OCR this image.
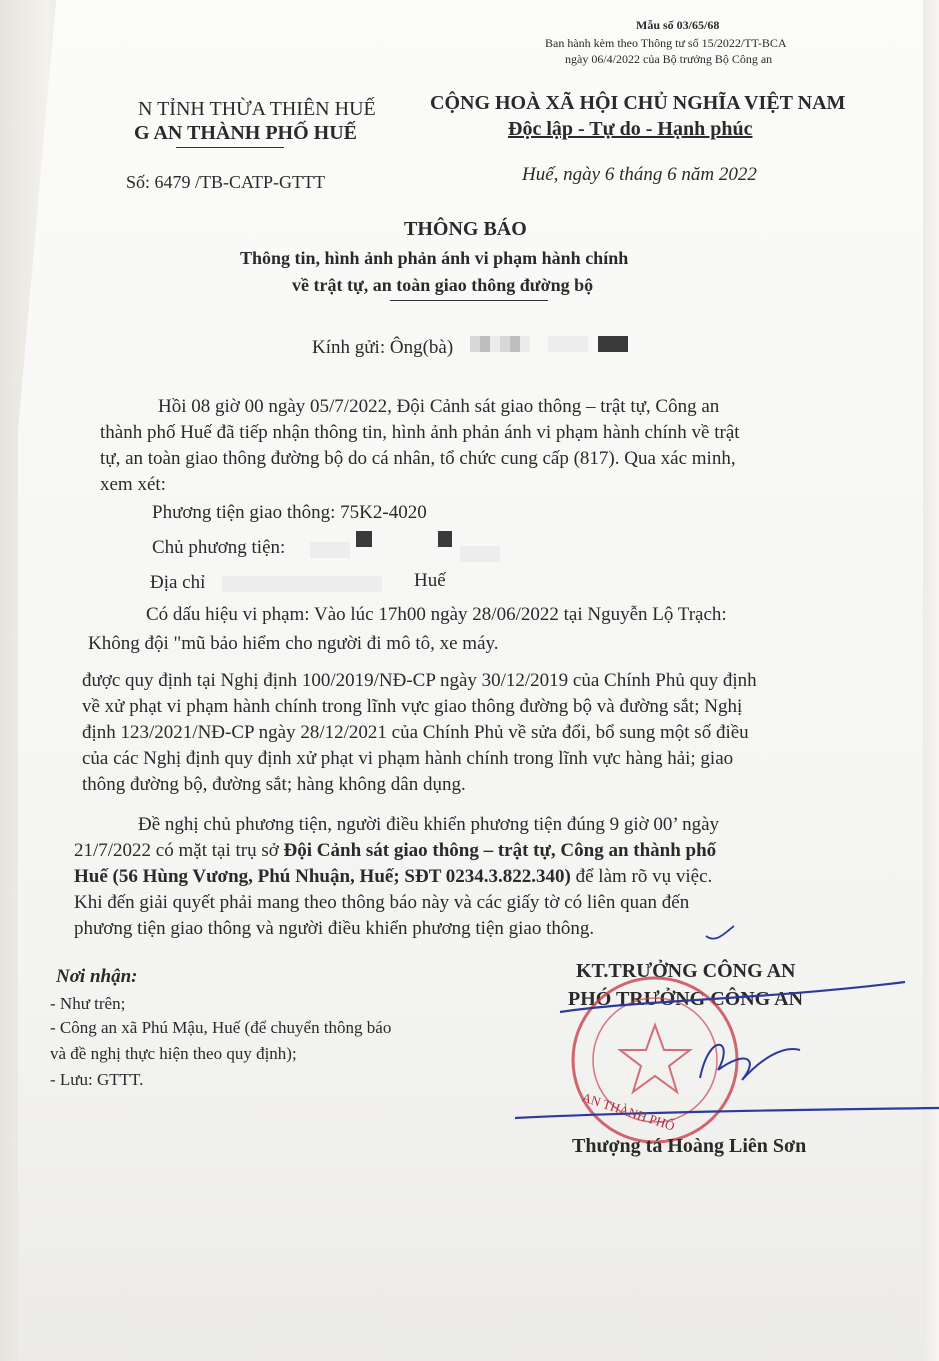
Mẫu số 03/65/68
Ban hành kèm theo Thông tư số 15/2022/TT-BCA
ngày 06/4/2022 của Bộ trưởng Bộ Công an
N TỈNH THỪA THIÊN HUẾ
G AN THÀNH PHỐ HUẾ
CỘNG HOÀ XÃ HỘI CHỦ NGHĨA VIỆT NAM
Độc lập - Tự do - Hạnh phúc
Số: 6479 /TB-CATP-GTTT	Huế, ngày 6 tháng 6 năm 2022
THÔNG BÁO
Thông tin, hình ảnh phản ánh vi phạm hành chính
về trật tự, an toàn giao thông đường bộ
Kính gửi: Ông(bà)
Hồi 08 giờ 00 ngày 05/7/2022, Đội Cảnh sát giao thông – trật tự, Công an
thành phố Huế đã tiếp nhận thông tin, hình ảnh phản ánh vi phạm hành chính về trật
tự, an toàn giao thông đường bộ do cá nhân, tổ chức cung cấp (817). Qua xác minh,
xem xét:
Phương tiện giao thông: 75K2-4020
Chủ phương tiện:
Địa chỉ	Huế
Có dấu hiệu vi phạm: Vào lúc 17h00 ngày 28/06/2022 tại Nguyễn Lộ Trạch:
Không đội "mũ bảo hiểm cho người đi mô tô, xe máy.
được quy định tại Nghị định 100/2019/NĐ-CP ngày 30/12/2019 của Chính Phủ quy định
về xử phạt vi phạm hành chính trong lĩnh vực giao thông đường bộ và đường sắt; Nghị
định 123/2021/NĐ-CP ngày 28/12/2021 của Chính Phủ về sửa đổi, bổ sung một số điều
của các Nghị định quy định xử phạt vi phạm hành chính trong lĩnh vực hàng hải; giao
thông đường bộ, đường sắt; hàng không dân dụng.
Đề nghị chủ phương tiện, người điều khiển phương tiện đúng 9 giờ 00’ ngày
21/7/2022 có mặt tại trụ sở Đội Cảnh sát giao thông – trật tự, Công an thành phố
Huế (56 Hùng Vương, Phú Nhuận, Huế; SĐT 0234.3.822.340) để làm rõ vụ việc.
Khi đến giải quyết phải mang theo thông báo này và các giấy tờ có liên quan đến
phương tiện giao thông và người điều khiển phương tiện giao thông.
Nơi nhận:
- Như trên;
- Công an xã Phú Mậu, Huế (để chuyển thông báo
và đề nghị thực hiện theo quy định);
- Lưu: GTTT.
KT.TRƯỞNG CÔNG AN
PHÓ TRƯỞNG CÔNG AN
AN THÀNH PHỐ
Thượng tá Hoàng Liên Sơn
